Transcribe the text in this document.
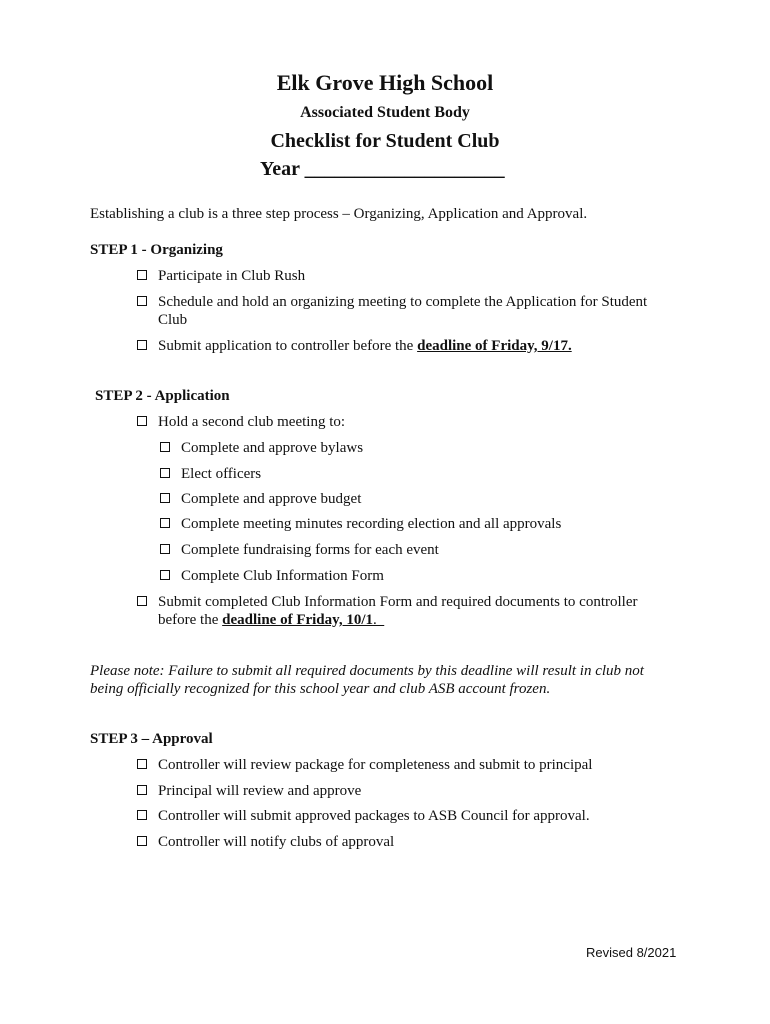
Elk Grove High School
Associated Student Body
Checklist for Student Club
Year ____________________
Establishing a club is a three step process – Organizing, Application and Approval.
STEP 1 - Organizing
Participate in Club Rush
Schedule and hold an organizing meeting to complete the Application for Student
Club
Submit application to controller before the deadline of Friday, 9/17.
STEP 2 - Application
Hold a second club meeting to:
Complete and approve bylaws
Elect officers
Complete and approve budget
Complete meeting minutes recording election and all approvals
Complete fundraising forms for each event
Complete Club Information Form
Submit completed Club Information Form and required documents to controller
before the deadline of Friday, 10/1.
Please note: Failure to submit all required documents by this deadline will result in club not
being officially recognized for this school year and club ASB account frozen.
STEP 3 – Approval
Controller will review package for completeness and submit to principal
Principal will review and approve
Controller will submit approved packages to ASB Council for approval.
Controller will notify clubs of approval
Revised 8/2021
